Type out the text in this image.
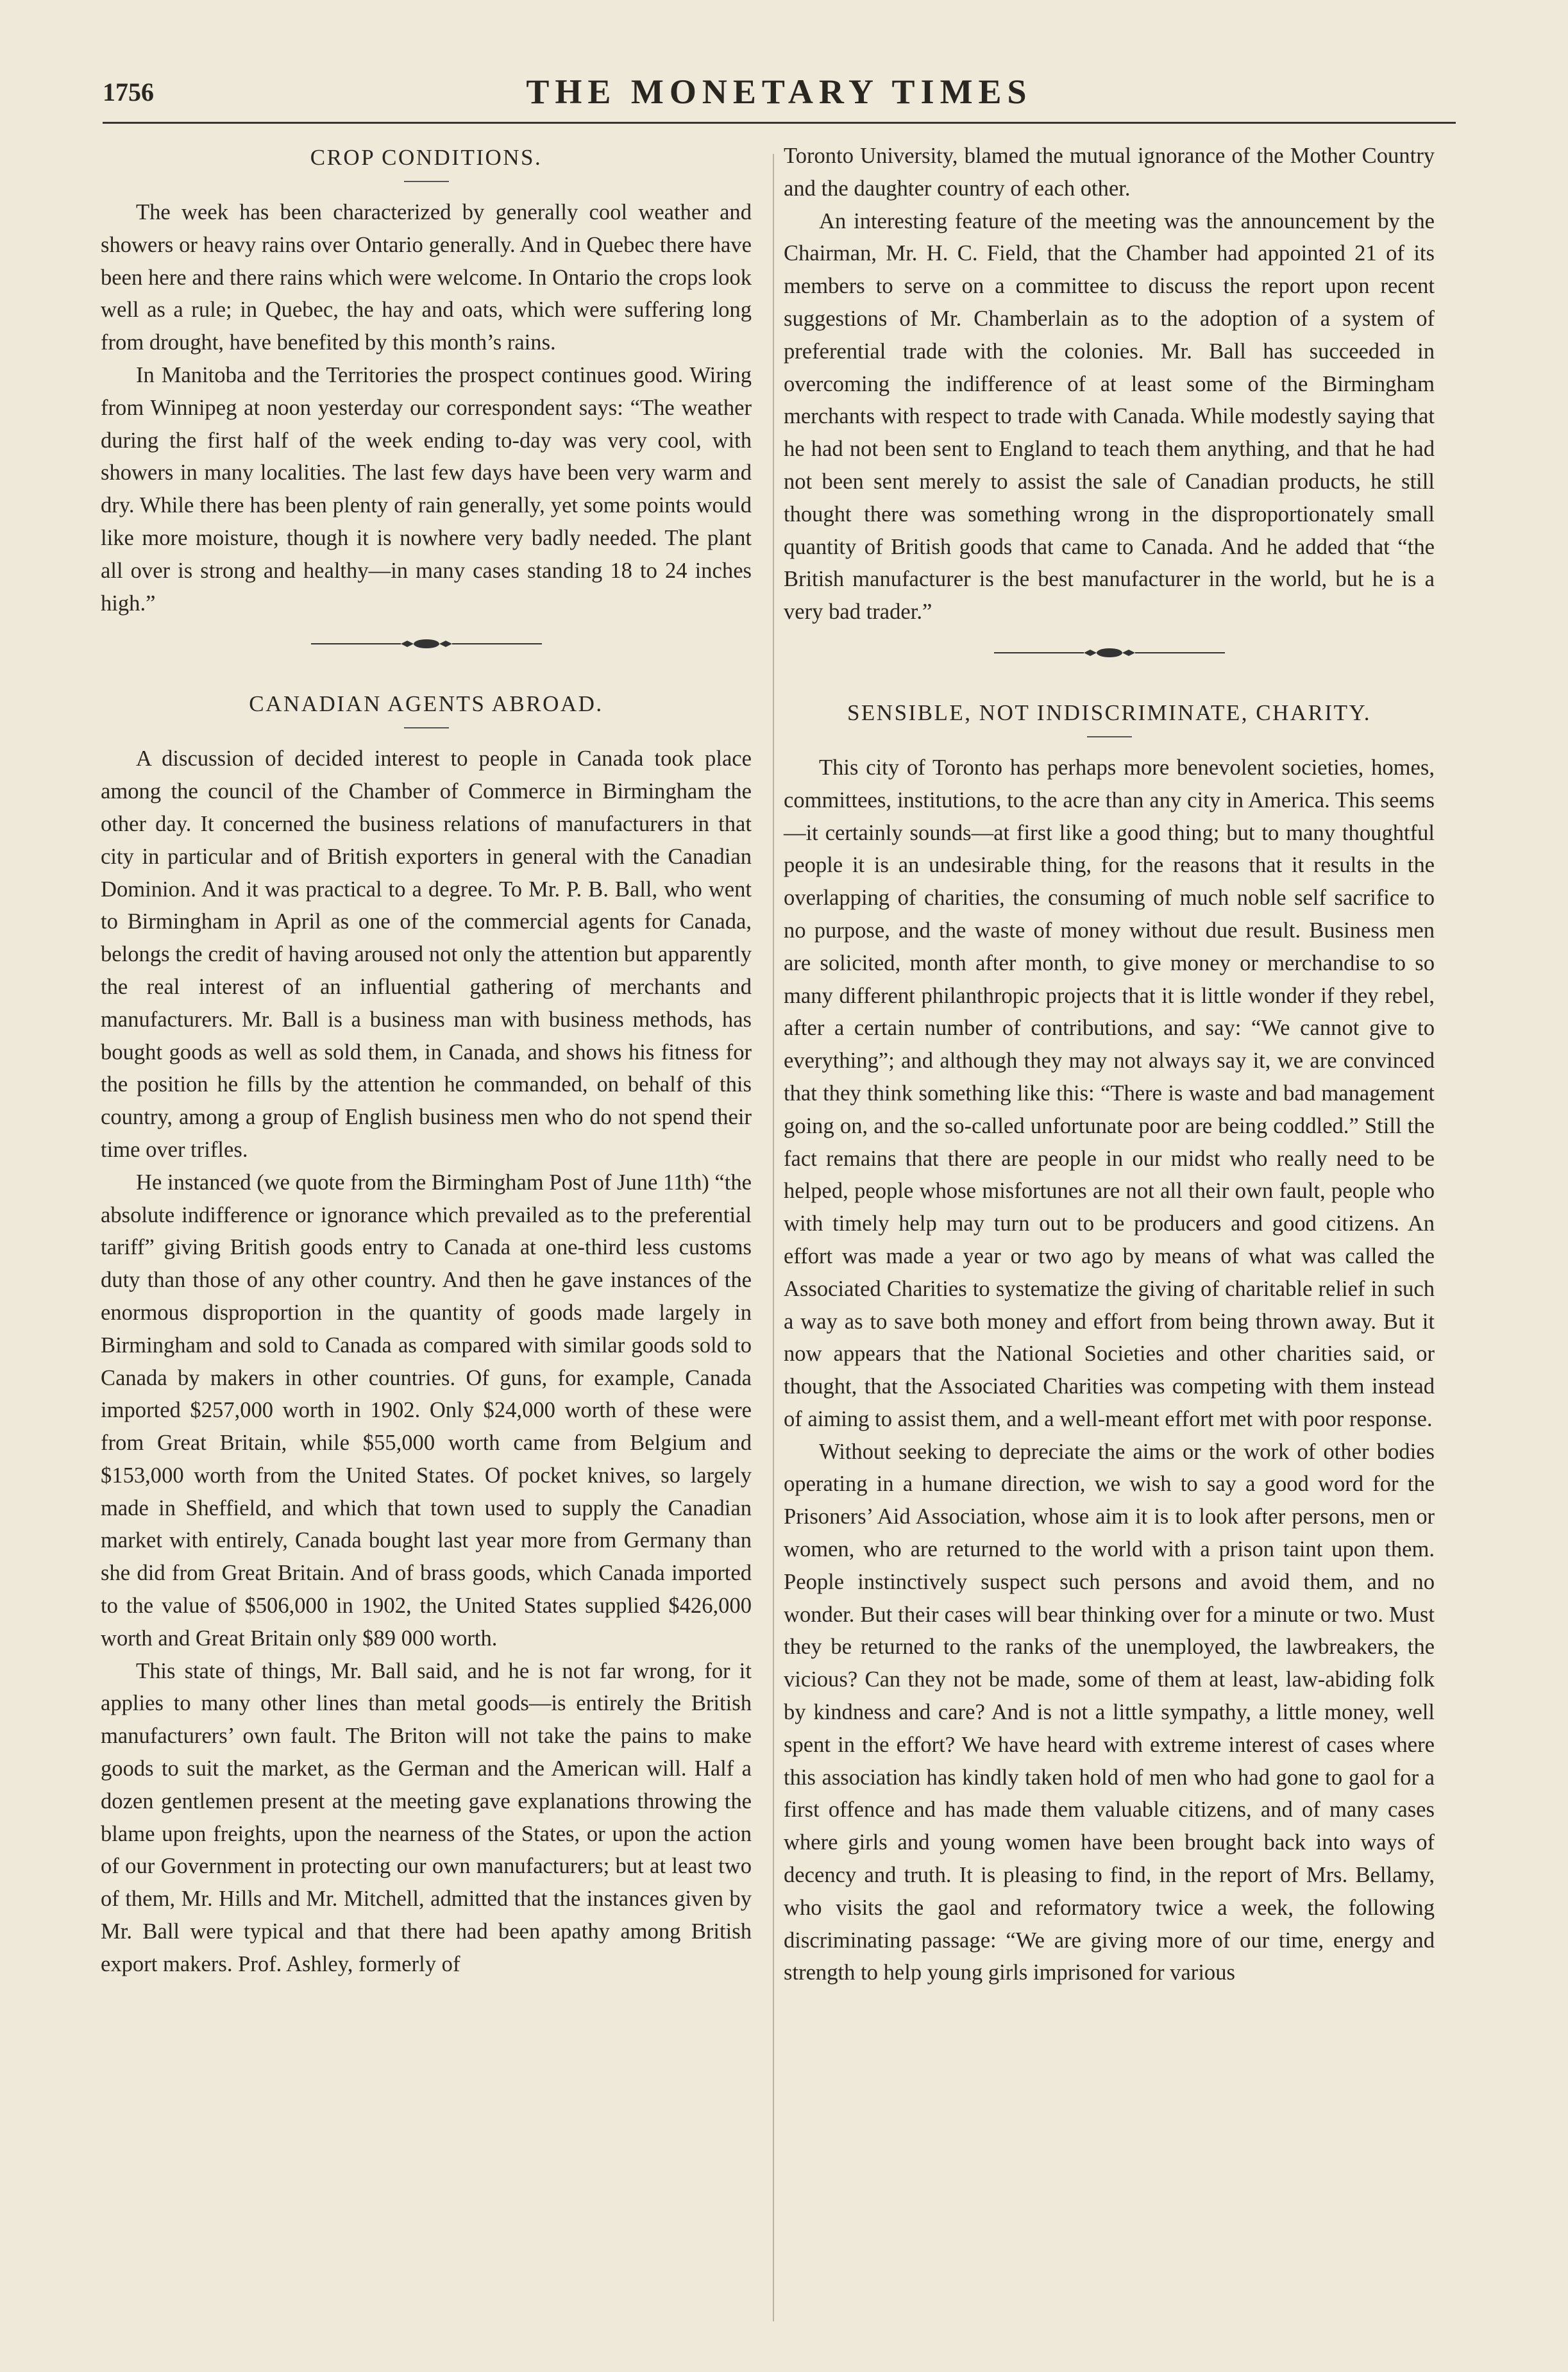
1756	THE MONETARY TIMES
CROP CONDITIONS.

The week has been characterized by generally cool weather and showers or heavy rains over Ontario generally. And in Quebec there have been here and there rains which were welcome. In Ontario the crops look well as a rule; in Quebec, the hay and oats, which were suffering long from drought, have benefited by this month’s rains.

In Manitoba and the Territories the prospect continues good. Wiring from Winnipeg at noon yesterday our correspondent says: “The weather during the first half of the week ending to-day was very cool, with showers in many localities. The last few days have been very warm and dry. While there has been plenty of rain generally, yet some points would like more moisture, though it is nowhere very badly needed. The plant all over is strong and healthy—in many cases standing 18 to 24 inches high.”

CANADIAN AGENTS ABROAD.

A discussion of decided interest to people in Canada took place among the council of the Chamber of Commerce in Birmingham the other day. It concerned the business relations of manufacturers in that city in particular and of British exporters in general with the Canadian Dominion. And it was practical to a degree. To Mr. P. B. Ball, who went to Birmingham in April as one of the commercial agents for Canada, belongs the credit of having aroused not only the attention but apparently the real interest of an influential gathering of merchants and manufacturers. Mr. Ball is a business man with business methods, has bought goods as well as sold them, in Canada, and shows his fitness for the position he fills by the attention he commanded, on behalf of this country, among a group of English business men who do not spend their time over trifles.

He instanced (we quote from the Birmingham Post of June 11th) “the absolute indifference or ignorance which prevailed as to the preferential tariff” giving British goods entry to Canada at one-third less customs duty than those of any other country. And then he gave instances of the enormous disproportion in the quantity of goods made largely in Birmingham and sold to Canada as compared with similar goods sold to Canada by makers in other countries. Of guns, for example, Canada imported $257,000 worth in 1902. Only $24,000 worth of these were from Great Britain, while $55,000 worth came from Belgium and $153,000 worth from the United States. Of pocket knives, so largely made in Sheffield, and which that town used to supply the Canadian market with entirely, Canada bought last year more from Germany than she did from Great Britain. And of brass goods, which Canada imported to the value of $506,000 in 1902, the United States supplied $426,000 worth and Great Britain only $89 000 worth.

This state of things, Mr. Ball said, and he is not far wrong, for it applies to many other lines than metal goods—is entirely the British manufacturers’ own fault. The Briton will not take the pains to make goods to suit the market, as the German and the American will. Half a dozen gentlemen present at the meeting gave explanations throwing the blame upon freights, upon the nearness of the States, or upon the action of our Government in protecting our own manufacturers; but at least two of them, Mr. Hills and Mr. Mitchell, admitted that the instances given by Mr. Ball were typical and that there had been apathy among British export makers. Prof. Ashley, formerly of

Toronto University, blamed the mutual ignorance of the Mother Country and the daughter country of each other.

An interesting feature of the meeting was the announcement by the Chairman, Mr. H. C. Field, that the Chamber had appointed 21 of its members to serve on a committee to discuss the report upon recent suggestions of Mr. Chamberlain as to the adoption of a system of preferential trade with the colonies. Mr. Ball has succeeded in overcoming the indifference of at least some of the Birmingham merchants with respect to trade with Canada. While modestly saying that he had not been sent to England to teach them anything, and that he had not been sent merely to assist the sale of Canadian products, he still thought there was something wrong in the disproportionately small quantity of British goods that came to Canada. And he added that “the British manufacturer is the best manufacturer in the world, but he is a very bad trader.”

SENSIBLE, NOT INDISCRIMINATE, CHARITY.

This city of Toronto has perhaps more benevolent societies, homes, committees, institutions, to the acre than any city in America. This seems—it certainly sounds—at first like a good thing; but to many thoughtful people it is an undesirable thing, for the reasons that it results in the overlapping of charities, the consuming of much noble self sacrifice to no purpose, and the waste of money without due result. Business men are solicited, month after month, to give money or merchandise to so many different philanthropic projects that it is little wonder if they rebel, after a certain number of contributions, and say: “We cannot give to everything”; and although they may not always say it, we are convinced that they think something like this: “There is waste and bad management going on, and the so-called unfortunate poor are being coddled.” Still the fact remains that there are people in our midst who really need to be helped, people whose misfortunes are not all their own fault, people who with timely help may turn out to be producers and good citizens. An effort was made a year or two ago by means of what was called the Associated Charities to systematize the giving of charitable relief in such a way as to save both money and effort from being thrown away. But it now appears that the National Societies and other charities said, or thought, that the Associated Charities was competing with them instead of aiming to assist them, and a well-meant effort met with poor response.

Without seeking to depreciate the aims or the work of other bodies operating in a humane direction, we wish to say a good word for the Prisoners’ Aid Association, whose aim it is to look after persons, men or women, who are returned to the world with a prison taint upon them. People instinctively suspect such persons and avoid them, and no wonder. But their cases will bear thinking over for a minute or two. Must they be returned to the ranks of the unemployed, the lawbreakers, the vicious? Can they not be made, some of them at least, law-abiding folk by kindness and care? And is not a little sympathy, a little money, well spent in the effort? We have heard with extreme interest of cases where this association has kindly taken hold of men who had gone to gaol for a first offence and has made them valuable citizens, and of many cases where girls and young women have been brought back into ways of decency and truth. It is pleasing to find, in the report of Mrs. Bellamy, who visits the gaol and reformatory twice a week, the following discriminating passage: “We are giving more of our time, energy and strength to help young girls imprisoned for various
